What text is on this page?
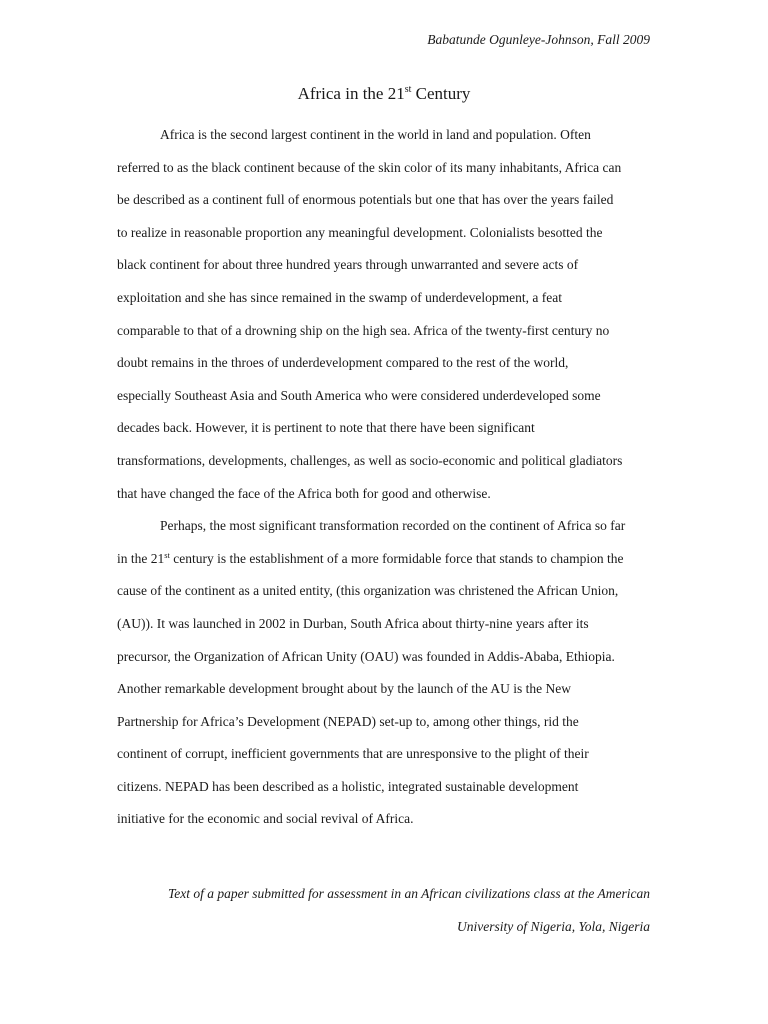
Babatunde Ogunleye-Johnson, Fall 2009
Africa in the 21st Century
Africa is the second largest continent in the world in land and population. Often
referred to as the black continent because of the skin color of its many inhabitants, Africa can
be described as a continent full of enormous potentials but one that has over the years failed
to realize in reasonable proportion any meaningful development. Colonialists besotted the
black continent for about three hundred years through unwarranted and severe acts of
exploitation and she has since remained in the swamp of underdevelopment, a feat
comparable to that of a drowning ship on the high sea. Africa of the twenty-first century no
doubt remains in the throes of underdevelopment compared to the rest of the world,
especially Southeast Asia and South America who were considered underdeveloped some
decades back. However, it is pertinent to note that there have been significant
transformations, developments, challenges, as well as socio-economic and political gladiators
that have changed the face of the Africa both for good and otherwise.
Perhaps, the most significant transformation recorded on the continent of Africa so far
in the 21st century is the establishment of a more formidable force that stands to champion the
cause of the continent as a united entity, (this organization was christened the African Union,
(AU)). It was launched in 2002 in Durban, South Africa about thirty-nine years after its
precursor, the Organization of African Unity (OAU) was founded in Addis-Ababa, Ethiopia.
Another remarkable development brought about by the launch of the AU is the New
Partnership for Africa’s Development (NEPAD) set-up to, among other things, rid the
continent of corrupt, inefficient governments that are unresponsive to the plight of their
citizens. NEPAD has been described as a holistic, integrated sustainable development
initiative for the economic and social revival of Africa.
Text of a paper submitted for assessment in an African civilizations class at the American
University of Nigeria, Yola, Nigeria
